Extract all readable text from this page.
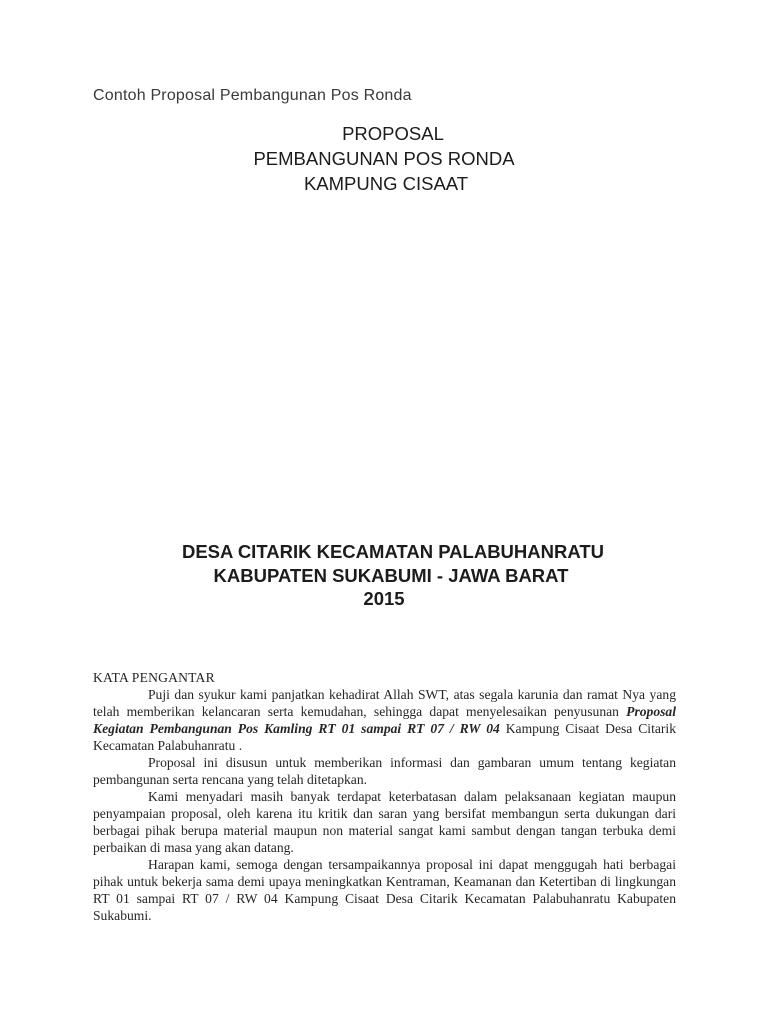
Contoh Proposal Pembangunan Pos Ronda
PROPOSAL
PEMBANGUNAN POS RONDA
KAMPUNG CISAAT
DESA CITARIK KECAMATAN PALABUHANRATU
KABUPATEN SUKABUMI - JAWA BARAT
2015
KATA PENGANTAR

Puji dan syukur kami panjatkan kehadirat Allah SWT, atas segala karunia dan ramat Nya yang telah memberikan kelancaran serta kemudahan, sehingga dapat menyelesaikan penyusunan Proposal Kegiatan Pembangunan Pos Kamling RT 01 sampai RT 07 / RW 04 Kampung Cisaat Desa Citarik Kecamatan Palabuhanratu .

Proposal ini disusun untuk memberikan informasi dan gambaran umum tentang kegiatan pembangunan serta rencana yang telah ditetapkan.

Kami menyadari masih banyak terdapat keterbatasan dalam pelaksanaan kegiatan maupun penyampaian proposal, oleh karena itu kritik dan saran yang bersifat membangun serta dukungan dari berbagai pihak berupa material maupun non material sangat kami sambut dengan tangan terbuka demi perbaikan di masa yang akan datang.

Harapan kami, semoga dengan tersampaikannya proposal ini dapat menggugah hati berbagai pihak untuk bekerja sama demi upaya meningkatkan Kentraman, Keamanan dan Ketertiban di lingkungan RT 01 sampai RT 07 / RW 04 Kampung Cisaat Desa Citarik Kecamatan Palabuhanratu Kabupaten Sukabumi.
